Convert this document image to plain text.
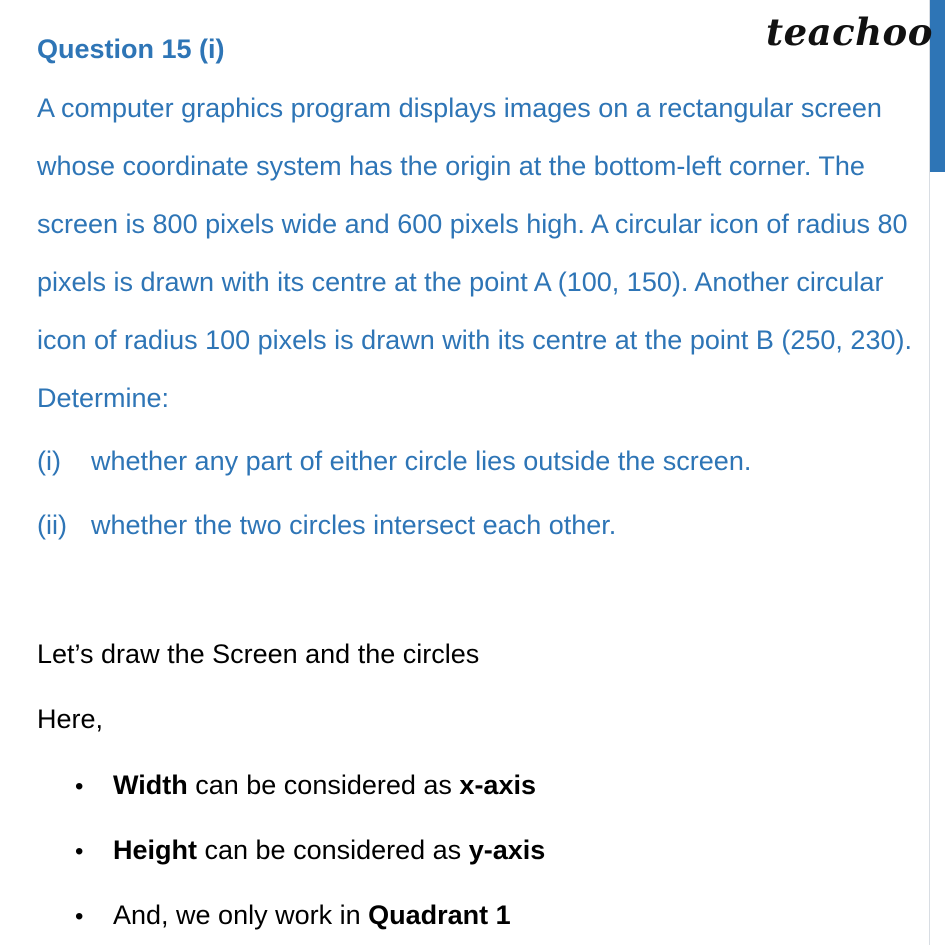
teachoo
Question 15 (i)

A computer graphics program displays images on a rectangular screen whose coordinate system has the origin at the bottom-left corner. The screen is 800 pixels wide and 600 pixels high. A circular icon of radius 80 pixels is drawn with its centre at the point A (100, 150). Another circular icon of radius 100 pixels is drawn with its centre at the point B (250, 230). Determine:

(i) whether any part of either circle lies outside the screen.
(ii) whether the two circles intersect each other.
Let’s draw the Screen and the circles
Here,
• Width can be considered as x-axis
• Height can be considered as y-axis
• And, we only work in Quadrant 1
